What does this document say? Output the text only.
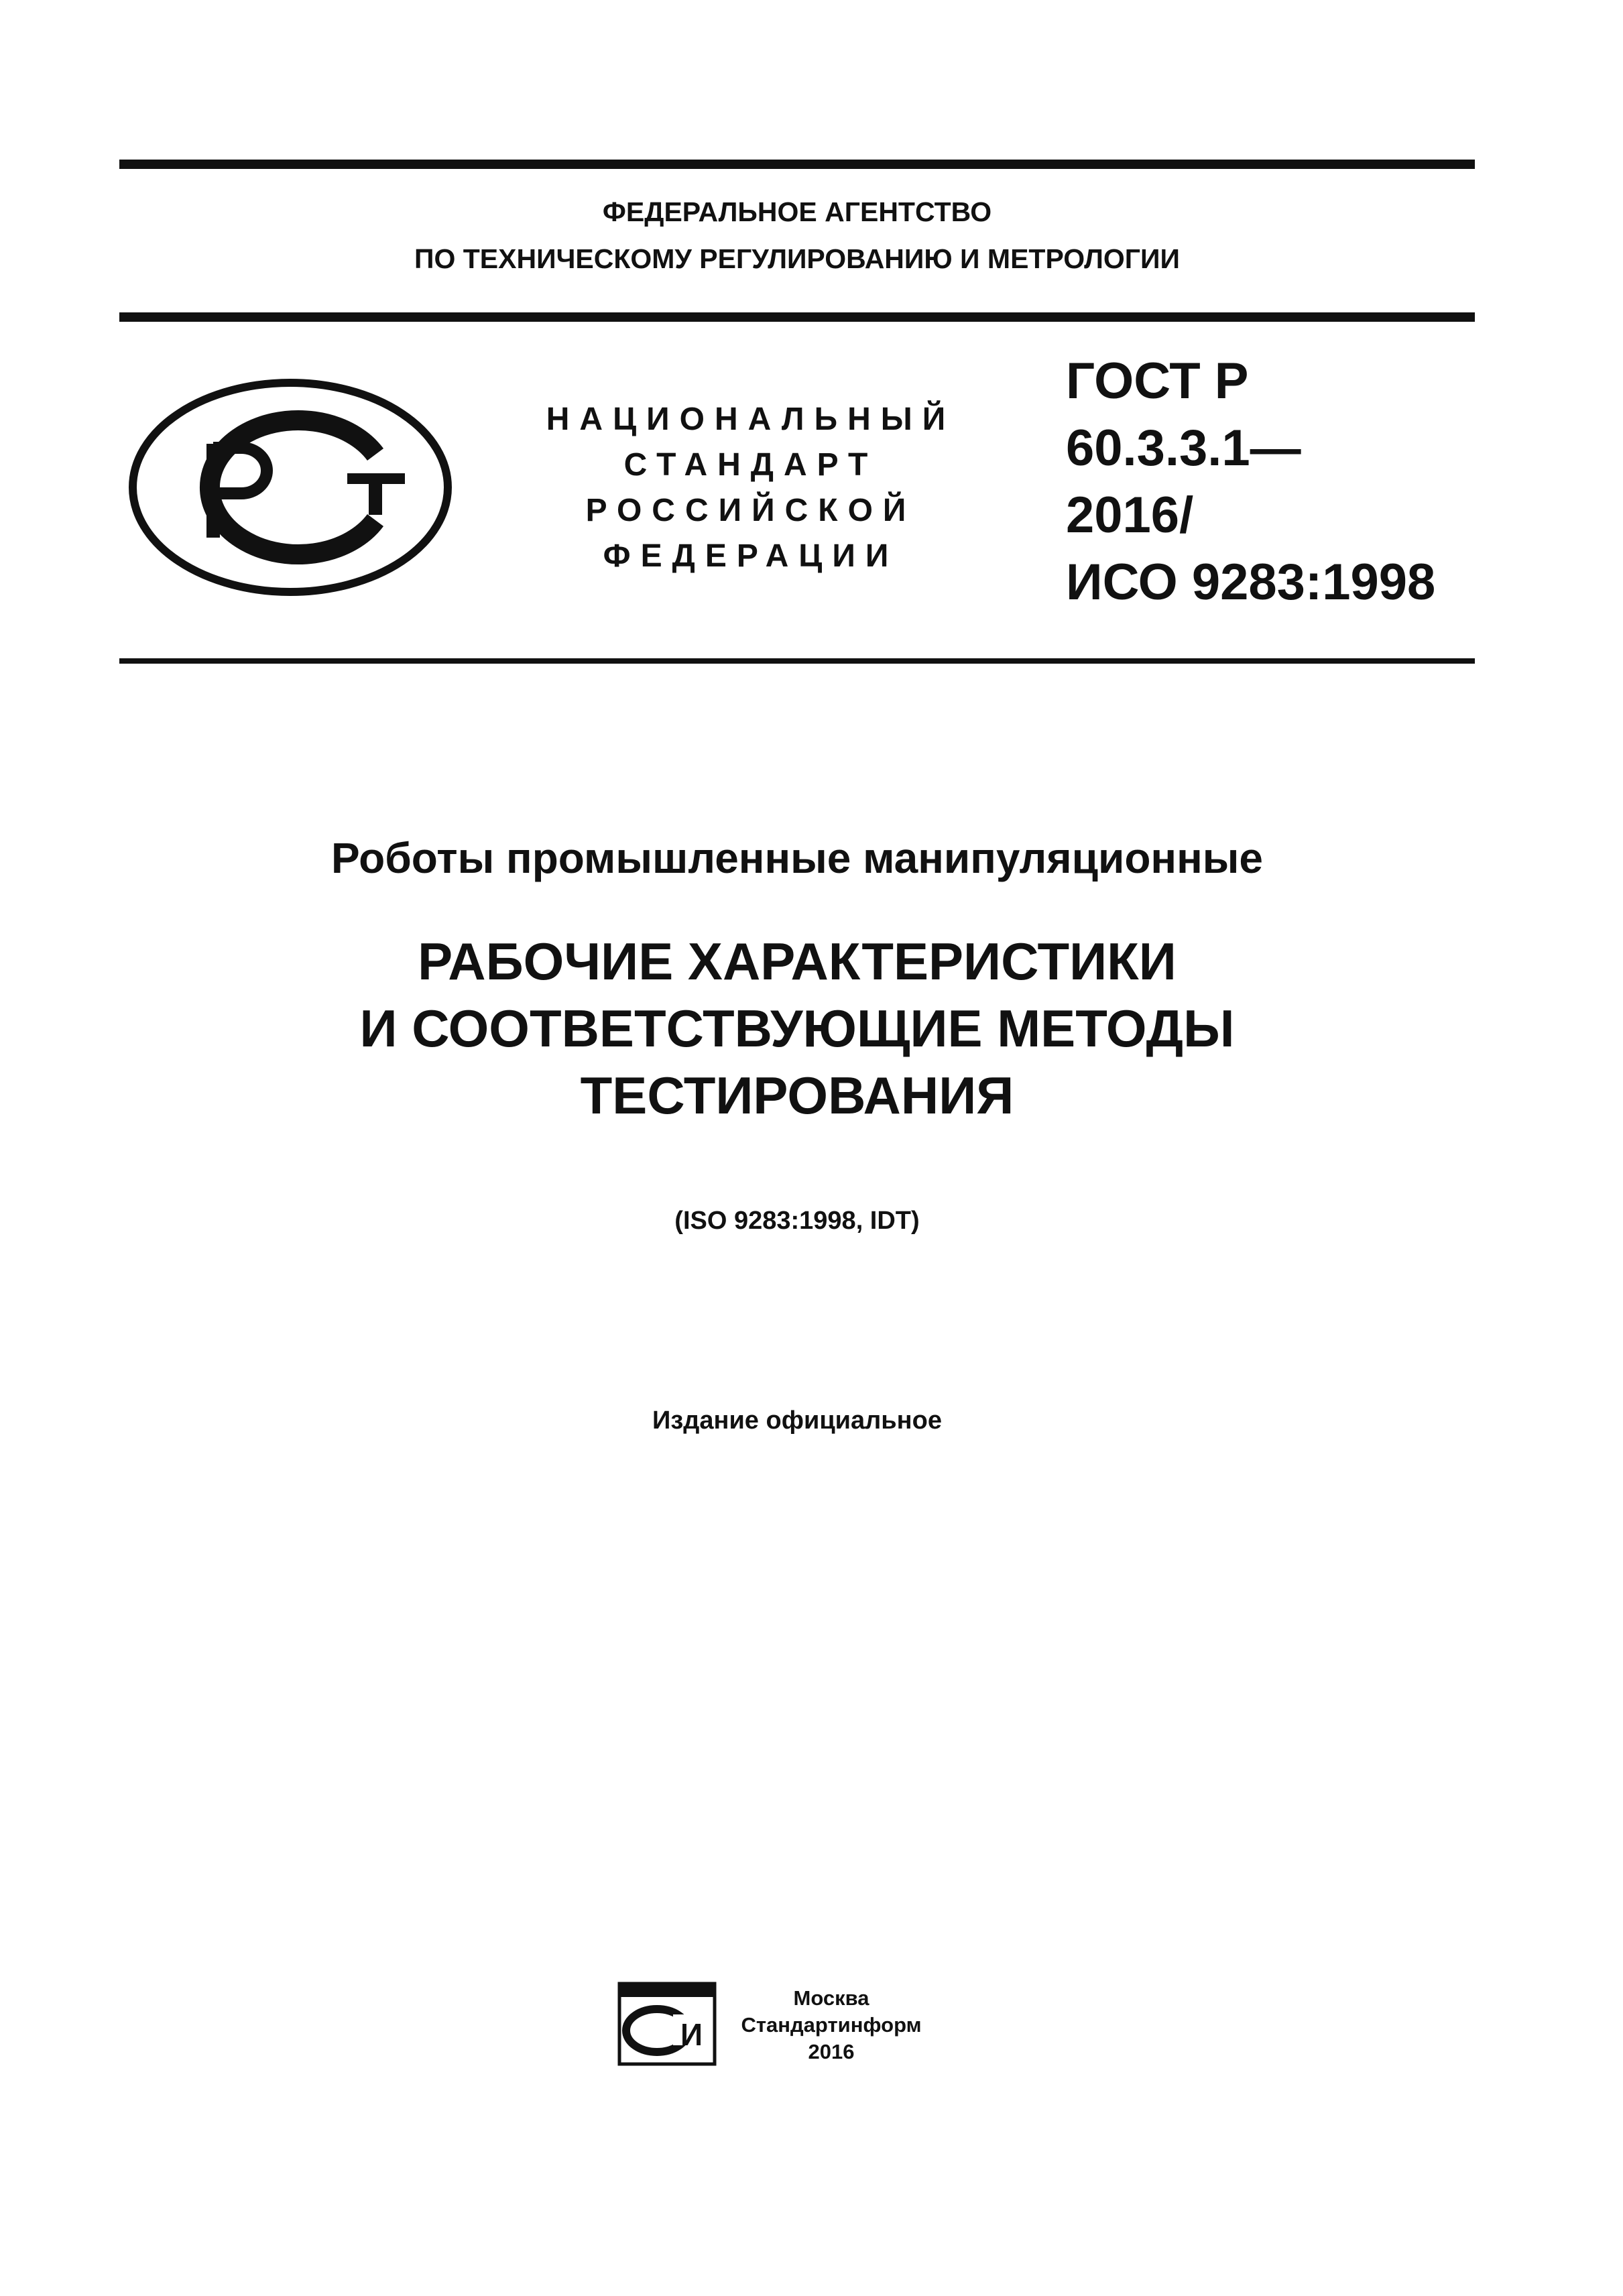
ФЕДЕРАЛЬНОЕ АГЕНТСТВО
ПО ТЕХНИЧЕСКОМУ РЕГУЛИРОВАНИЮ И МЕТРОЛОГИИ
НАЦИОНАЛЬНЫЙ
СТАНДАРТ
РОССИЙСКОЙ
ФЕДЕРАЦИИ
ГОСТ Р
60.3.3.1—
2016/
ИСО 9283:1998
Роботы промышленные манипуляционные
РАБОЧИЕ ХАРАКТЕРИСТИКИ
И СООТВЕТСТВУЮЩИЕ МЕТОДЫ
ТЕСТИРОВАНИЯ
(ISO 9283:1998, IDT)
Издание официальное
И
Москва
Стандартинформ
2016
